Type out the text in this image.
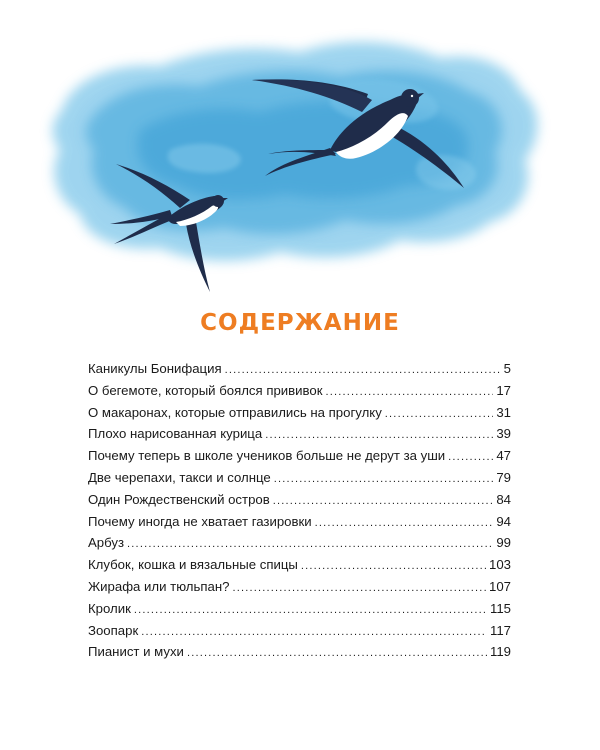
СОДЕРЖАНИЕ
Каникулы Бонифация .....	5
О бегемоте, который боялся прививок .....	17
О макаронах, которые отправились на прогулку .....	31
Плохо нарисованная курица .....	39
Почему теперь в школе учеников больше не дерут за уши .....	47
Две черепахи, такси и солнце .....	79
Один Рождественский остров .....	84
Почему иногда не хватает газировки .....	94
Арбуз .....	99
Клубок, кошка и вязальные спицы .....	103
Жирафа или тюльпан? .....	107
Кролик .....	115
Зоопарк .....	117
Пианист и мухи .....	119
